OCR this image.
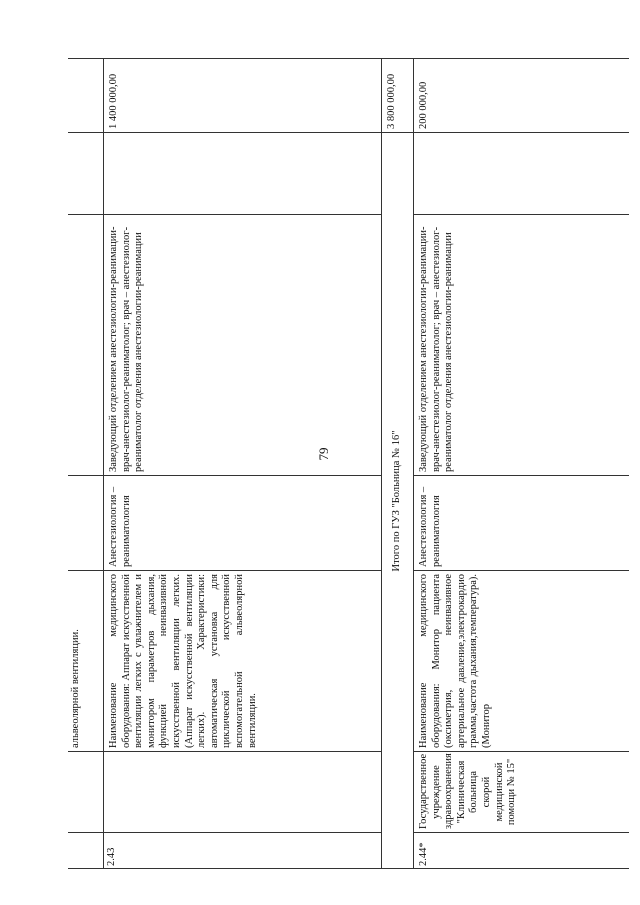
79
альвеолярной вентиляции.
2.43
Наименование медицинского оборудования: Аппарат искусственной вентиляции легких с увлажнителем и монитором параметров дыхания, функцией неинвазивной искусственной вентиляции легких. (Аппарат искусственной вентиляции легких). Характеристики: автоматическая установка для циклической искусственной вспомогательной альвеолярной вентиляции.
Анестезиология – реаниматология
Заведующий отделением анестезиологии-реанимации-врач-анестезиолог-реаниматолог; врач – анестезиолог-реаниматолог отделения анестезиологии-реанимации
1 400 000,00
Итого по ГУЗ "Больница № 16"
3 800 000,00
2.44*
Государственное учреждение здравоохранения "Клиническая больница скорой медицинской помощи № 15"
Наименование медицинского оборудования: Монитор пациента (оксиметрия, неинвазивное артериальное давление,электрокардио грамма,частота дыхания,температура). (Монитор
Анестезиология – реаниматология
Заведующий отделением анестезиологии-реанимации-врач-анестезиолог-реаниматолог; врач – анестезиолог-реаниматолог отделения анестезиологии-реанимации
200 000,00
